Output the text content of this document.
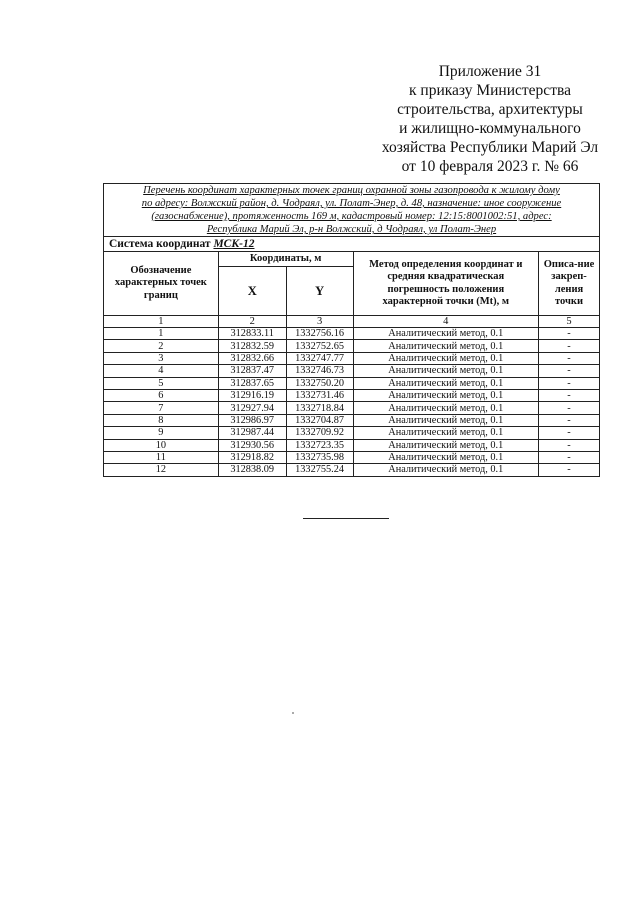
Приложение 31
к приказу Министерства
строительства, архитектуры
и жилищно-коммунального
хозяйства Республики Марий Эл
от 10 февраля 2023 г. № 66
Перечень координат характерных точек границ охранной зоны газопровода к жилому дому
по адресу: Волжский район, д. Чодраял, ул. Полат-Энер, д. 48, назначение: иное сооружение
(газоснабжение), протяженность 169 м, кадастровый номер: 12:15:8001002:51, адрес:
Республика Марий Эл, р-н Волжский, д Чодраял, ул Полат-Энер				

Система координат МСК-12				
Обозначение характерных точек границ	Координаты, м		Метод определения координат и средняя квадратическая погрешность положения характерной точки (Mt), м	Описа-ние закреп-ления точки
	X	Y		
1	2	3	4	5
1	312833.11	1332756.16	Аналитический метод, 0.1	-
2	312832.59	1332752.65	Аналитический метод, 0.1	-
3	312832.66	1332747.77	Аналитический метод, 0.1	-
4	312837.47	1332746.73	Аналитический метод, 0.1	-
5	312837.65	1332750.20	Аналитический метод, 0.1	-
6	312916.19	1332731.46	Аналитический метод, 0.1	-
7	312927.94	1332718.84	Аналитический метод, 0.1	-
8	312986.97	1332704.87	Аналитический метод, 0.1	-
9	312987.44	1332709.92	Аналитический метод, 0.1	-
10	312930.56	1332723.35	Аналитический метод, 0.1	-
11	312918.82	1332735.98	Аналитический метод, 0.1	-
12	312838.09	1332755.24	Аналитический метод, 0.1	-
